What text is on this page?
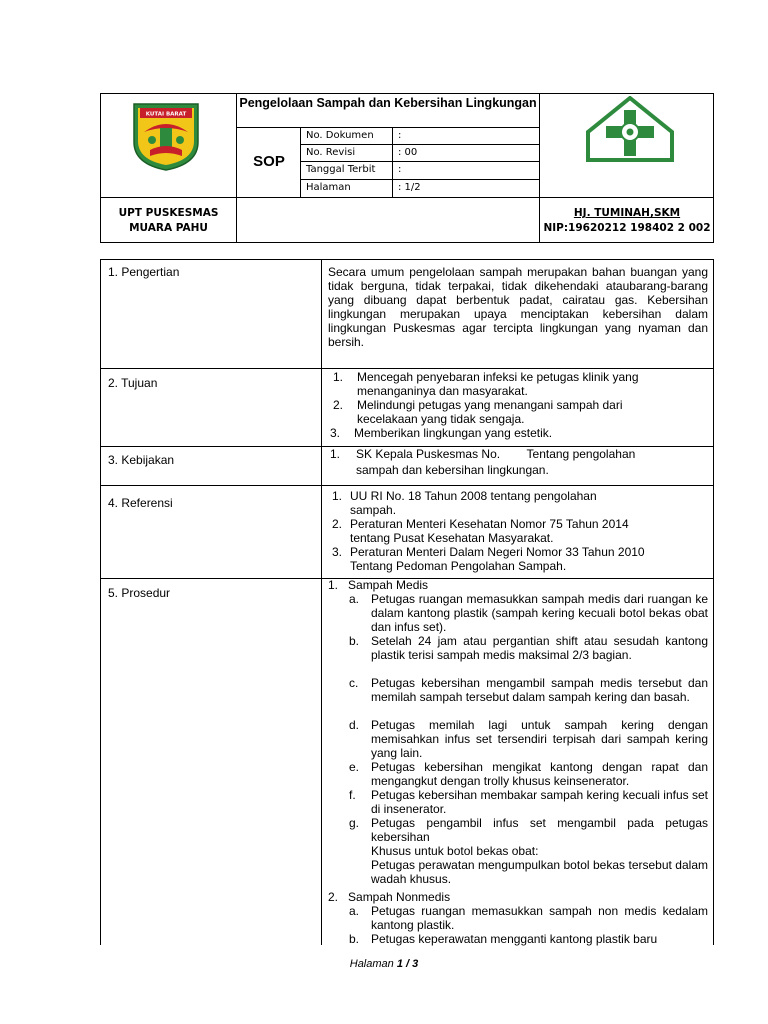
KUTAI BARAT
Pengelolaan Sampah dan Kebersihan Lingkungan
SOP
No. Dokumen :
No. Revisi	: 00
Tanggal Terbit :
Halaman	: 1/2
UPT PUSKESMAS
MUARA PAHU
HJ. TUMINAH,SKM
NIP:19620212 198402 2 002
1. Pengertian	Secara umum pengelolaan sampah merupakan bahan buangan yang tidak berguna, tidak terpakai, tidak dikehendaki ataubarang-barang yang dibuang dapat berbentuk padat, cairatau gas. Kebersihan lingkungan merupakan upaya menciptakan kebersihan dalam lingkungan Puskesmas agar tercipta lingkungan yang nyaman dan bersih.
2. Tujuan	1. Mencegah penyebaran infeksi ke petugas klinik yang
menanganinya dan masyarakat.
2. Melindungi petugas yang menangani sampah dari
kecelakaan yang tidak sengaja.
3. Memberikan lingkungan yang estetik.
3. Kebijakan	1. SK Kepala Puskesmas No.        Tentang pengolahan
sampah dan kebersihan lingkungan.
4. Referensi	1. UU RI No. 18 Tahun 2008 tentang pengolahan
sampah.
2. Peraturan Menteri Kesehatan Nomor 75 Tahun 2014
tentang Pusat Kesehatan Masyarakat.
3. Peraturan Menteri Dalam Negeri Nomor 33 Tahun 2010
Tentang Pedoman Pengolahan Sampah.
5. Prosedur
1.   Sampah Medis
a. Petugas ruangan memasukkan sampah medis dari ruangan ke dalam kantong plastik (sampah kering kecuali botol bekas obat dan infus set).
b. Setelah 24 jam atau pergantian shift atau sesudah kantong plastik terisi sampah medis maksimal 2/3 bagian.
c. Petugas kebersihan mengambil sampah medis tersebut dan memilah sampah tersebut dalam sampah kering dan basah.
d. Petugas memilah lagi untuk sampah kering dengan memisahkan infus set tersendiri terpisah dari sampah kering yang lain.
e. Petugas kebersihan mengikat kantong dengan rapat dan mengangkut dengan trolly khusus keinsenerator.
f. Petugas kebersihan membakar sampah kering kecuali infus set di insenerator.
g. Petugas pengambil infus set mengambil pada petugas kebersihan
Khusus untuk botol bekas obat:
Petugas perawatan mengumpulkan botol bekas tersebut dalam wadah khusus.
2.   Sampah Nonmedis
a. Petugas ruangan memasukkan sampah non medis kedalam kantong plastik.
b. Petugas keperawatan mengganti kantong plastik baru
Halaman 1 / 3
